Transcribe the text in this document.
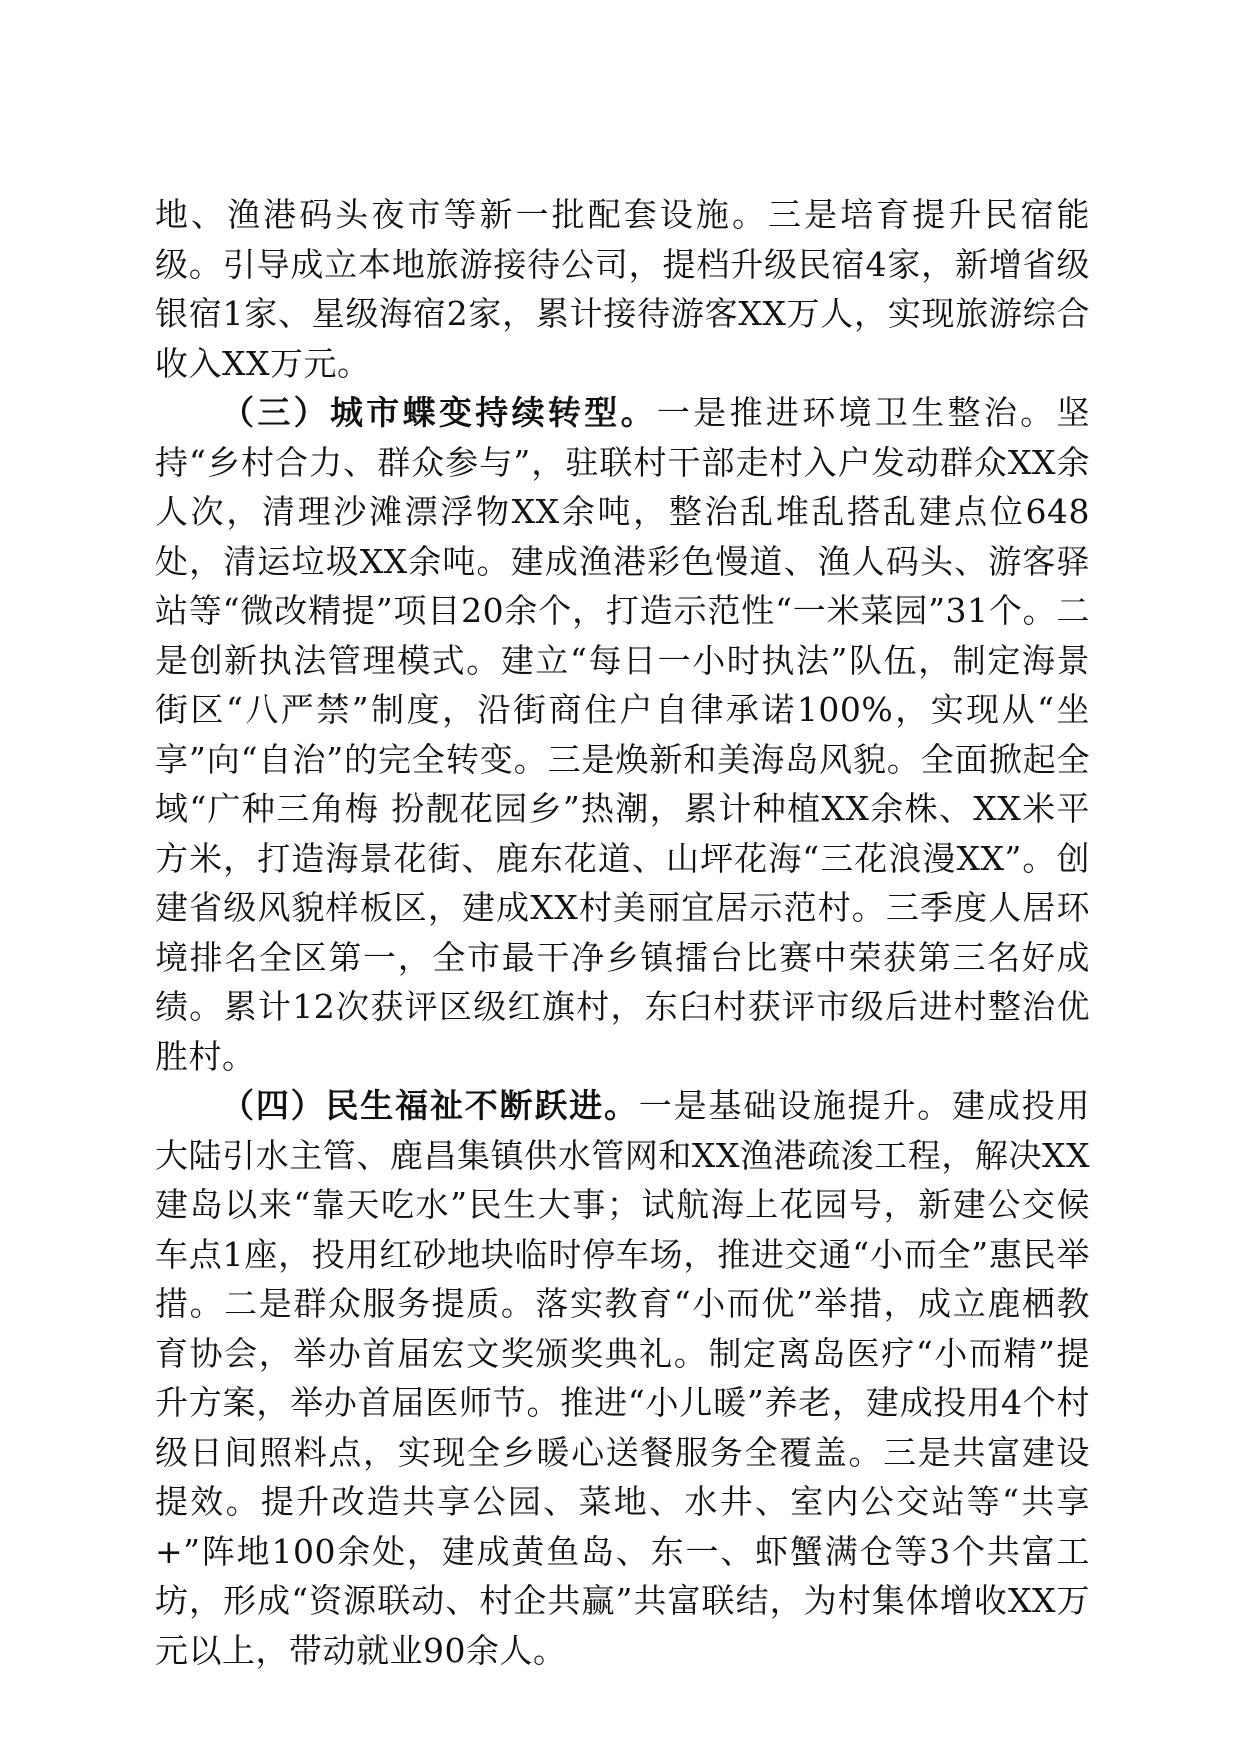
地、渔港码头夜市等新一批配套设施。三是培育提升民宿能级。引导成立本地旅游接待公司，提档升级民宿4家，新增省级银宿1家、星级海宿2家，累计接待游客XX万人，实现旅游综合收入XX万元。

（三）城市蝶变持续转型。一是推进环境卫生整治。坚持“乡村合力、群众参与”，驻联村干部走村入户发动群众XX余人次，清理沙滩漂浮物XX余吨，整治乱堆乱搭乱建点位648处，清运垃圾XX余吨。建成渔港彩色慢道、渔人码头、游客驿站等“微改精提”项目20余个，打造示范性“一米菜园”31个。二是创新执法管理模式。建立“每日一小时执法”队伍，制定海景街区“八严禁”制度，沿街商住户自律承诺100%，实现从“坐享”向“自治”的完全转变。三是焕新和美海岛风貌。全面掀起全域“广种三角梅 扮靓花园乡”热潮，累计种植XX余株、XX米平方米，打造海景花街、鹿东花道、山坪花海“三花浪漫XX”。创建省级风貌样板区，建成XX村美丽宜居示范村。三季度人居环境排名全区第一，全市最干净乡镇擂台比赛中荣获第三名好成绩。累计12次获评区级红旗村，东臼村获评市级后进村整治优胜村。

（四）民生福祉不断跃进。一是基础设施提升。建成投用大陆引水主管、鹿昌集镇供水管网和XX渔港疏浚工程，解决XX建岛以来“靠天吃水”民生大事；试航海上花园号，新建公交候车点1座，投用红砂地块临时停车场，推进交通“小而全”惠民举措。二是群众服务提质。落实教育“小而优”举措，成立鹿栖教育协会，举办首届宏文奖颁奖典礼。制定离岛医疗“小而精”提升方案，举办首届医师节。推进“小儿暖”养老，建成投用4个村级日间照料点，实现全乡暖心送餐服务全覆盖。三是共富建设提效。提升改造共享公园、菜地、水井、室内公交站等“共享+”阵地100余处，建成黄鱼岛、东一、虾蟹满仓等3个共富工坊，形成“资源联动、村企共赢”共富联结，为村集体增收XX万元以上，带动就业90余人。
